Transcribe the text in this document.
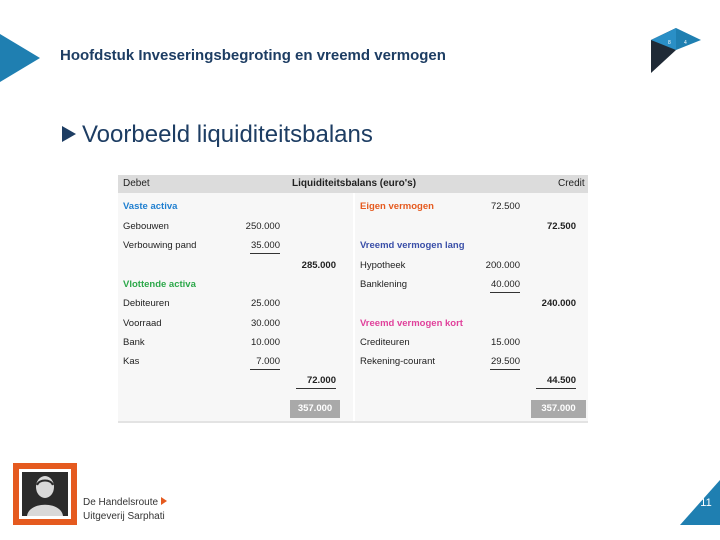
Hoofdstuk Inveseringsbegroting en vreemd vermogen
8	4
Voorbeeld liquiditeitsbalans
Debet	Liquiditeitsbalans (euro's)	Credit
Vaste activa
Gebouwen	250.000
Verbouwing pand	35.000
285.000
Vlottende activa
Debiteuren	25.000
Voorraad	30.000
Bank	10.000
Kas	7.000
72.000
357.000
Eigen vermogen	72.500
72.500
Vreemd vermogen lang
Hypotheek	200.000
Banklening	40.000
240.000
Vreemd vermogen kort
Crediteuren	15.000
Rekening-courant	29.500
44.500
357.000
De Handelsroute
Uitgeverij Sarphati
11
